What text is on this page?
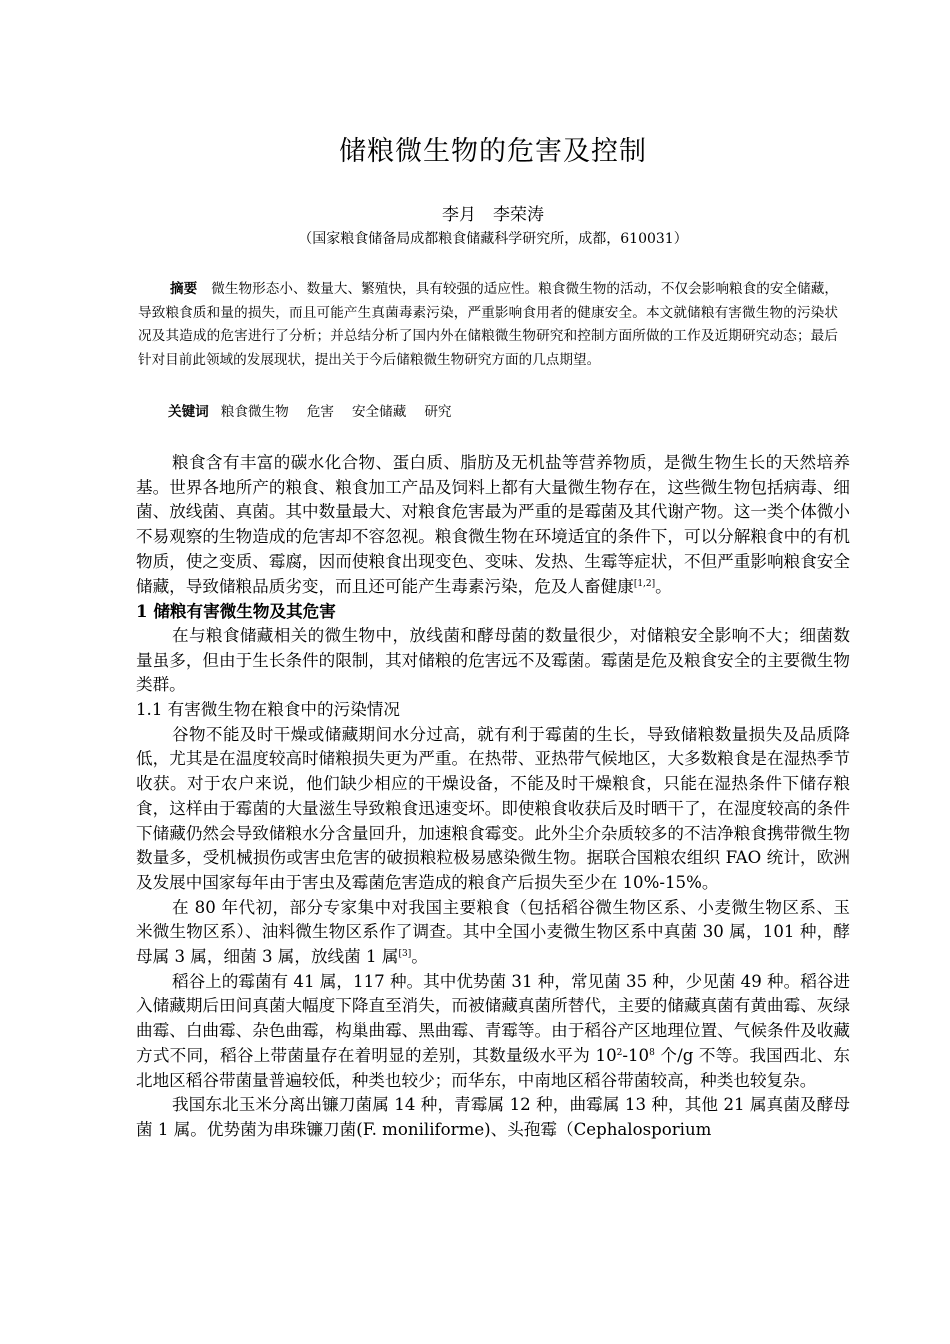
储粮微生物的危害及控制
李月　李荣涛
（国家粮食储备局成都粮食储藏科学研究所，成都，610031）
摘要 微生物形态小、数量大、繁殖快，具有较强的适应性。粮食微生物的活动，不仅会影响粮食的安全储藏，导致粮食质和量的损失，而且可能产生真菌毒素污染，严重影响食用者的健康安全。本文就储粮有害微生物的污染状况及其造成的危害进行了分析；并总结分析了国内外在储粮微生物研究和控制方面所做的工作及近期研究动态；最后针对目前此领域的发展现状，提出关于今后储粮微生物研究方面的几点期望。
关键词 粮食微生物 危害 安全储藏 研究

粮食含有丰富的碳水化合物、蛋白质、脂肪及无机盐等营养物质，是微生物生长的天然培养基。世界各地所产的粮食、粮食加工产品及饲料上都有大量微生物存在，这些微生物包括病毒、细菌、放线菌、真菌。其中数量最大、对粮食危害最为严重的是霉菌及其代谢产物。这一类个体微小不易观察的生物造成的危害却不容忽视。粮食微生物在环境适宜的条件下，可以分解粮食中的有机物质，使之变质、霉腐，因而使粮食出现变色、变味、发热、生霉等症状，不但严重影响粮食安全储藏，导致储粮品质劣变，而且还可能产生毒素污染，危及人畜健康[1,2]。

1 储粮有害微生物及其危害

在与粮食储藏相关的微生物中，放线菌和酵母菌的数量很少，对储粮安全影响不大；细菌数量虽多，但由于生长条件的限制，其对储粮的危害远不及霉菌。霉菌是危及粮食安全的主要微生物类群。

1.1 有害微生物在粮食中的污染情况

谷物不能及时干燥或储藏期间水分过高，就有利于霉菌的生长，导致储粮数量损失及品质降低，尤其是在温度较高时储粮损失更为严重。在热带、亚热带气候地区，大多数粮食是在湿热季节收获。对于农户来说，他们缺少相应的干燥设备，不能及时干燥粮食，只能在湿热条件下储存粮食，这样由于霉菌的大量滋生导致粮食迅速变坏。即使粮食收获后及时晒干了，在湿度较高的条件下储藏仍然会导致储粮水分含量回升，加速粮食霉变。此外尘介杂质较多的不洁净粮食携带微生物数量多，受机械损伤或害虫危害的破损粮粒极易感染微生物。据联合国粮农组织 FAO 统计，欧洲及发展中国家每年由于害虫及霉菌危害造成的粮食产后损失至少在 10%-15%。

在 80 年代初，部分专家集中对我国主要粮食（包括稻谷微生物区系、小麦微生物区系、玉米微生物区系）、油料微生物区系作了调查。其中全国小麦微生物区系中真菌 30 属，101 种，酵母属 3 属，细菌 3 属，放线菌 1 属[3]。

稻谷上的霉菌有 41 属，117 种。其中优势菌 31 种，常见菌 35 种，少见菌 49 种。稻谷进入储藏期后田间真菌大幅度下降直至消失，而被储藏真菌所替代，主要的储藏真菌有黄曲霉、灰绿曲霉、白曲霉、杂色曲霉，构巢曲霉、黑曲霉、青霉等。由于稻谷产区地理位置、气候条件及收藏方式不同，稻谷上带菌量存在着明显的差别，其数量级水平为 $10^2-10^8$ 个/g 不等。我国西北、东北地区稻谷带菌量普遍较低，种类也较少；而华东，中南地区稻谷带菌较高，种类也较复杂。

我国东北玉米分离出镰刀菌属 14 种，青霉属 12 种，曲霉属 13 种，其他 21 属真菌及酵母菌 1 属。优势菌为串珠镰刀菌(F. moniliforme)、头孢霉（Cephalosporium
